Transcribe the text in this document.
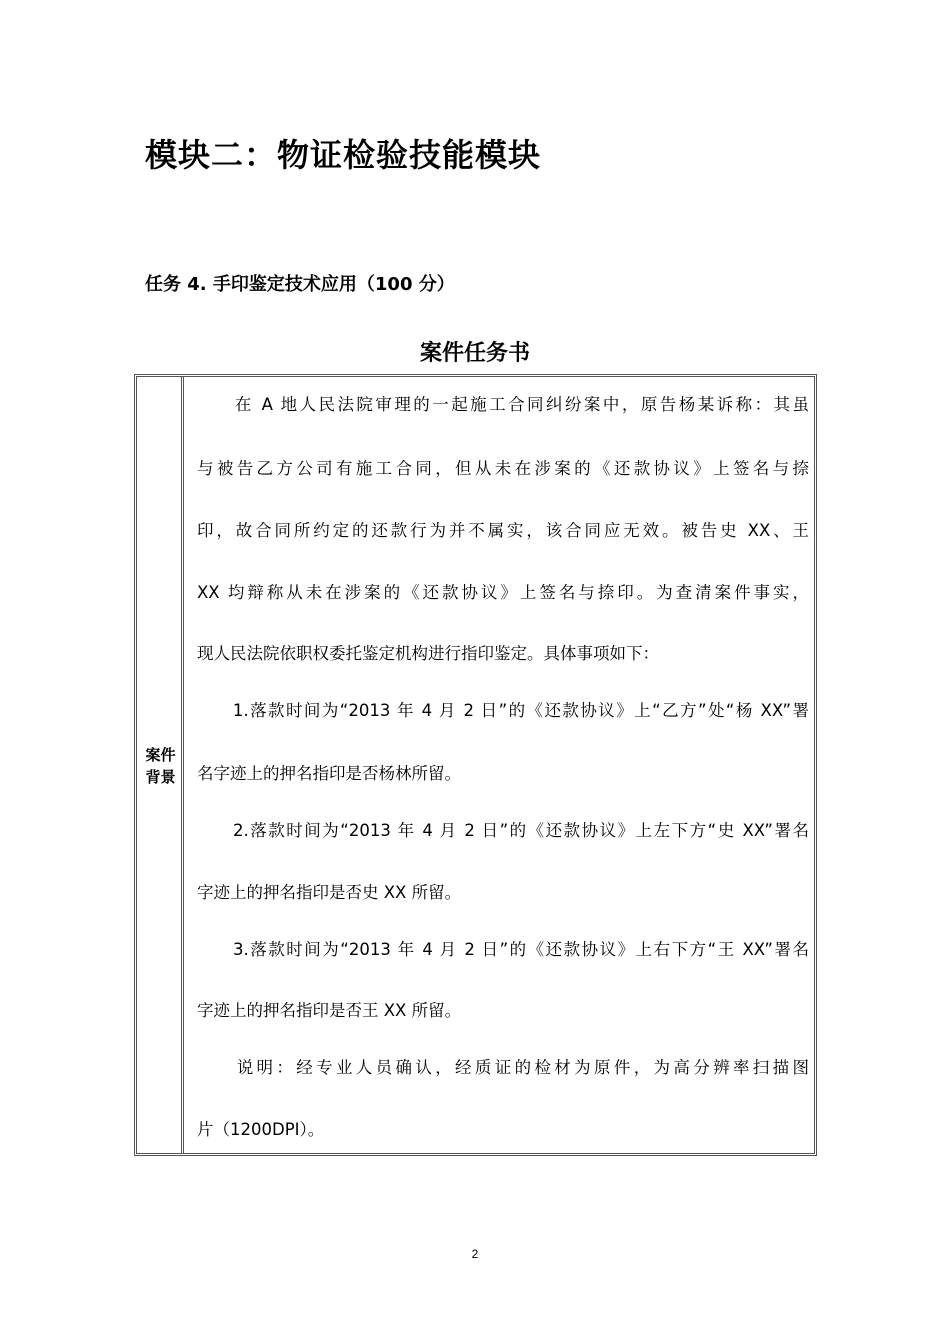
模块二：物证检验技能模块
任务 4. 手印鉴定技术应用（100 分）
案件任务书
案件
背景
　　在 A 地人民法院审理的一起施工合同纠纷案中，原告杨某诉称：其虽
与被告乙方公司有施工合同，但从未在涉案的《还款协议》上签名与捺
印，故合同所约定的还款行为并不属实，该合同应无效。被告史 XX、王
XX 均辩称从未在涉案的《还款协议》上签名与捺印。为查清案件事实，
现人民法院依职权委托鉴定机构进行指印鉴定。具体事项如下：
　　1.落款时间为“2013 年 4 月 2 日”的《还款协议》上“乙方”处“杨 XX”署
名字迹上的押名指印是否杨林所留。
　　2.落款时间为“2013 年 4 月 2 日”的《还款协议》上左下方“史 XX”署名
字迹上的押名指印是否史 XX 所留。
　　3.落款时间为“2013 年 4 月 2 日”的《还款协议》上右下方“王 XX”署名
字迹上的押名指印是否王 XX 所留。
　　说明：经专业人员确认，经质证的检材为原件，为高分辨率扫描图
片（1200DPI）。
2
